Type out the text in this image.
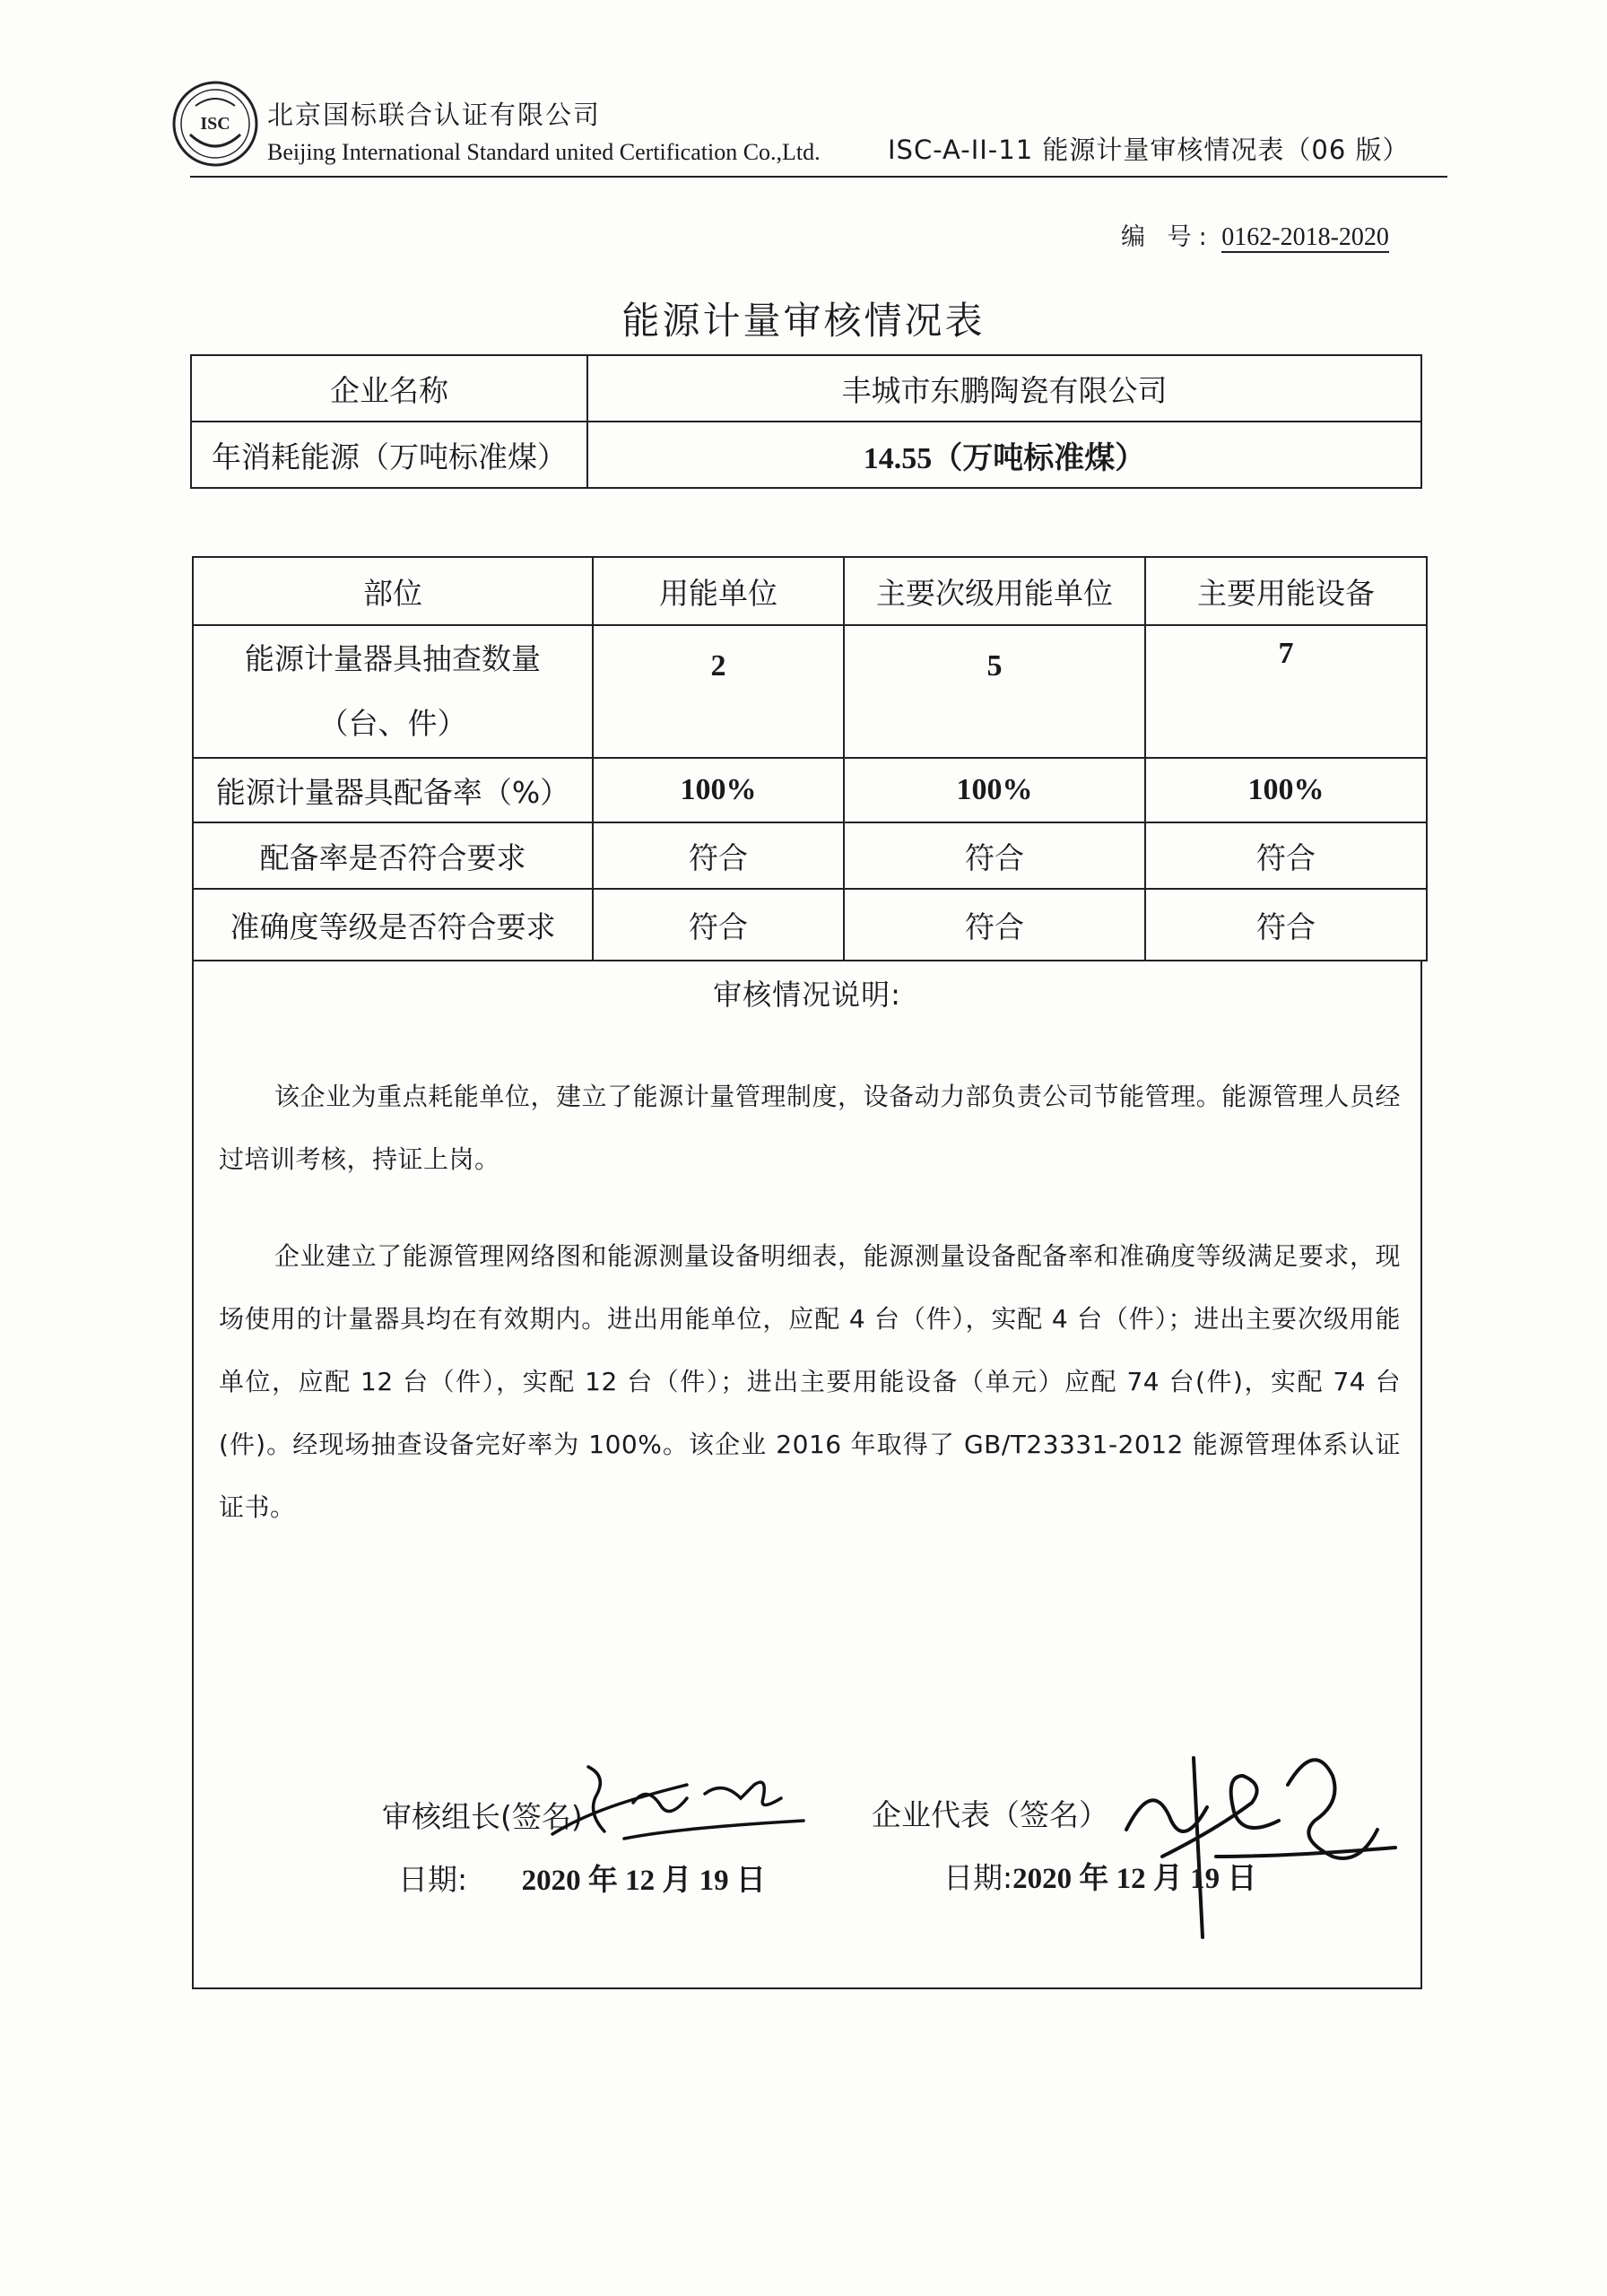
ISC 北京国标联合认证有限公司
Beijing International Standard united Certification Co.,Ltd.	ISC-A-II-11 能源计量审核情况表（06 版）
编 号: 0162-2018-2020
能源计量审核情况表
企业名称	丰城市东鹏陶瓷有限公司
年消耗能源（万吨标准煤）	14.55（万吨标准煤）
部位	用能单位	主要次级用能单位	主要用能设备

能源计量器具抽查数量
（台、件）	2	5	7
能源计量器具配备率（%）	100%	100%	100%
配备率是否符合要求	符合	符合	符合
准确度等级是否符合要求	符合	符合	符合
审核情况说明:
该企业为重点耗能单位，建立了能源计量管理制度，设备动力部负责公司节能管理。能源管理人员经过培训考核，持证上岗。
企业建立了能源管理网络图和能源测量设备明细表，能源测量设备配备率和准确度等级满足要求，现场使用的计量器具均在有效期内。进出用能单位，应配 4 台（件），实配 4 台（件）；进出主要次级用能单位，应配 12 台（件），实配 12 台（件）；进出主要用能设备（单元）应配 74 台(件)，实配 74 台(件)。经现场抽查设备完好率为 100%。该企业 2016 年取得了 GB/T23331-2012 能源管理体系认证证书。
审核组长(签名)	企业代表（签名）
日期: 2020 年 12 月 19 日	日期:2020 年 12 月 19 日
